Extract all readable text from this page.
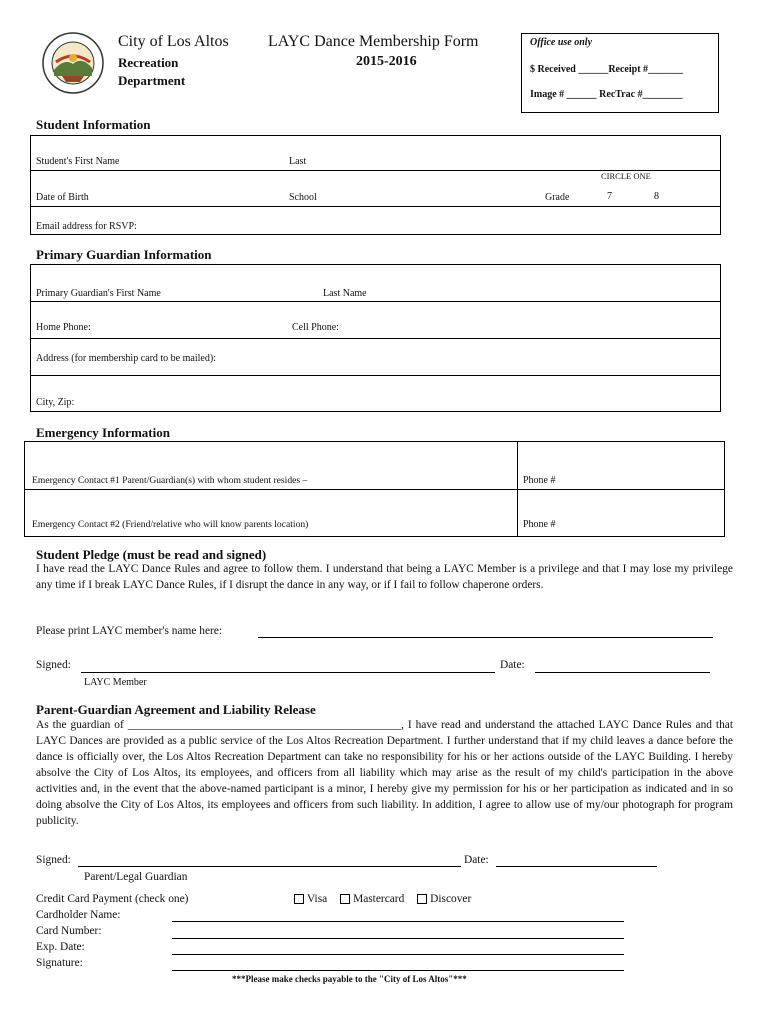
City of Los Altos
Recreation
Department
LAYC Dance Membership Form
2015-2016
Office use only
$ Received ______Receipt #_______
Image # ______ RecTrac #________
Student Information
Student's First Name	Last
CIRCLE ONE
Date of Birth	School	Grade	7	8
Email address for RSVP:
Primary Guardian Information
Primary Guardian's First Name	Last Name
Home Phone:	Cell Phone:
Address (for membership card to be mailed):
City, Zip:
Emergency Information
Emergency Contact #1 Parent/Guardian(s) with whom student resides –	Phone #
Emergency Contact #2 (Friend/relative who will know parents location)	Phone #
Student Pledge (must be read and signed)
I have read the LAYC Dance Rules and agree to follow them. I understand that being a LAYC Member is a privilege and that I may lose my privilege any time if I break LAYC Dance Rules, if I disrupt the dance in any way, or if I fail to follow chaperone orders.
Please print LAYC member's name here:
Signed:	Date:
LAYC Member
Parent-Guardian Agreement and Liability Release
As the guardian of ________________________________________________, I have read and understand the attached LAYC Dance Rules and that LAYC Dances are provided as a public service of the Los Altos Recreation Department. I further understand that if my child leaves a dance before the dance is officially over, the Los Altos Recreation Department can take no responsibility for his or her actions outside of the LAYC Building. I hereby absolve the City of Los Altos, its employees, and officers from all liability which may arise as the result of my child's participation in the above activities and, in the event that the above-named participant is a minor, I hereby give my permission for his or her participation as indicated and in so doing absolve the City of Los Altos, its employees and officers from such liability. In addition, I agree to allow use of my/our photograph for program publicity.
Signed:	Date:
Parent/Legal Guardian
Credit Card Payment (check one)	Visa Mastercard Discover
Cardholder Name:
Card Number:
Exp. Date:
Signature:
***Please make checks payable to the "City of Los Altos"***
